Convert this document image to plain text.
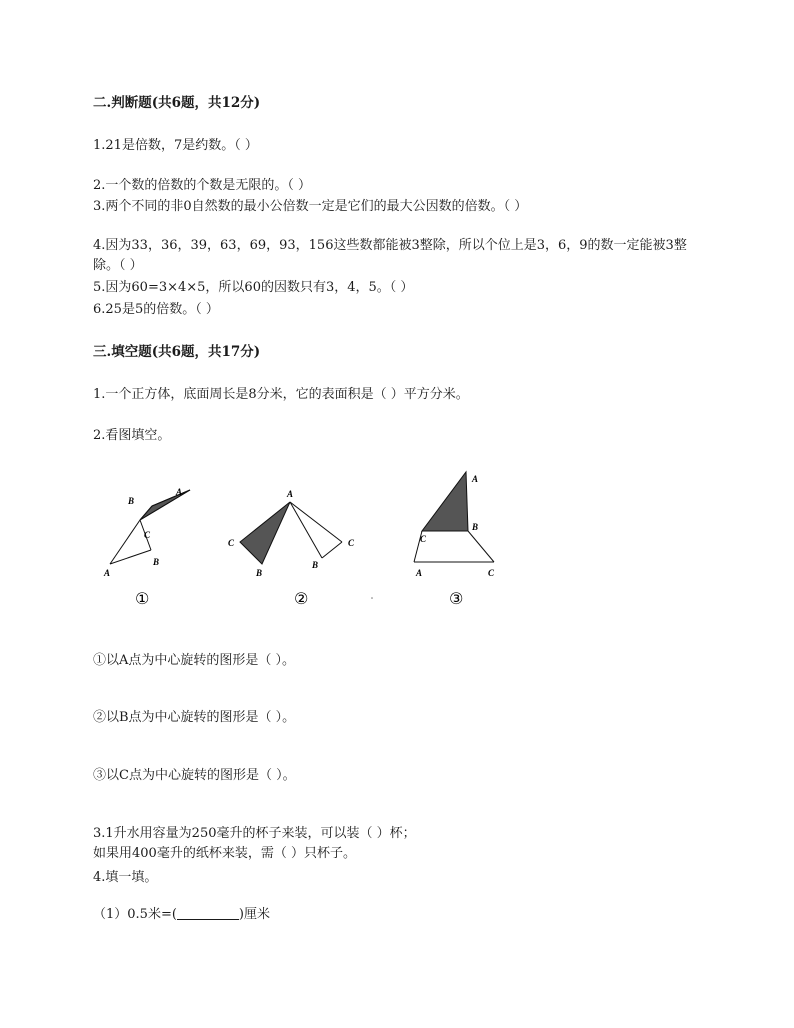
二.判断题(共6题，共12分)
1.21是倍数，7是约数。（ ）
2.一个数的倍数的个数是无限的。（ ）
3.两个不同的非0自然数的最小公倍数一定是它们的最大公因数的倍数。（ ）
4.因为33，36，39，63，69，93，156这些数都能被3整除，所以个位上是3，6，9的数一定能被3整除。（ ）
5.因为60=3×4×5，所以60的因数只有3，4，5。（ ）
6.25是5的倍数。（ ）
三.填空题(共6题，共17分)
1.一个正方体，底面周长是8分米，它的表面积是（ ）平方分米。
2.看图填空。
B
A
C
B
A
①
A
C
B
B
C
②
A
B
C
A	C
③
①以A点为中心旋转的图形是（ ）。
②以B点为中心旋转的图形是（ ）。
③以C点为中心旋转的图形是（ ）。
3.1升水用容量为250毫升的杯子来装，可以装（ ）杯；如果用400毫升的纸杯来装，需（ ）只杯子。
4.填一填。
（1）0.5米=(	)厘米
